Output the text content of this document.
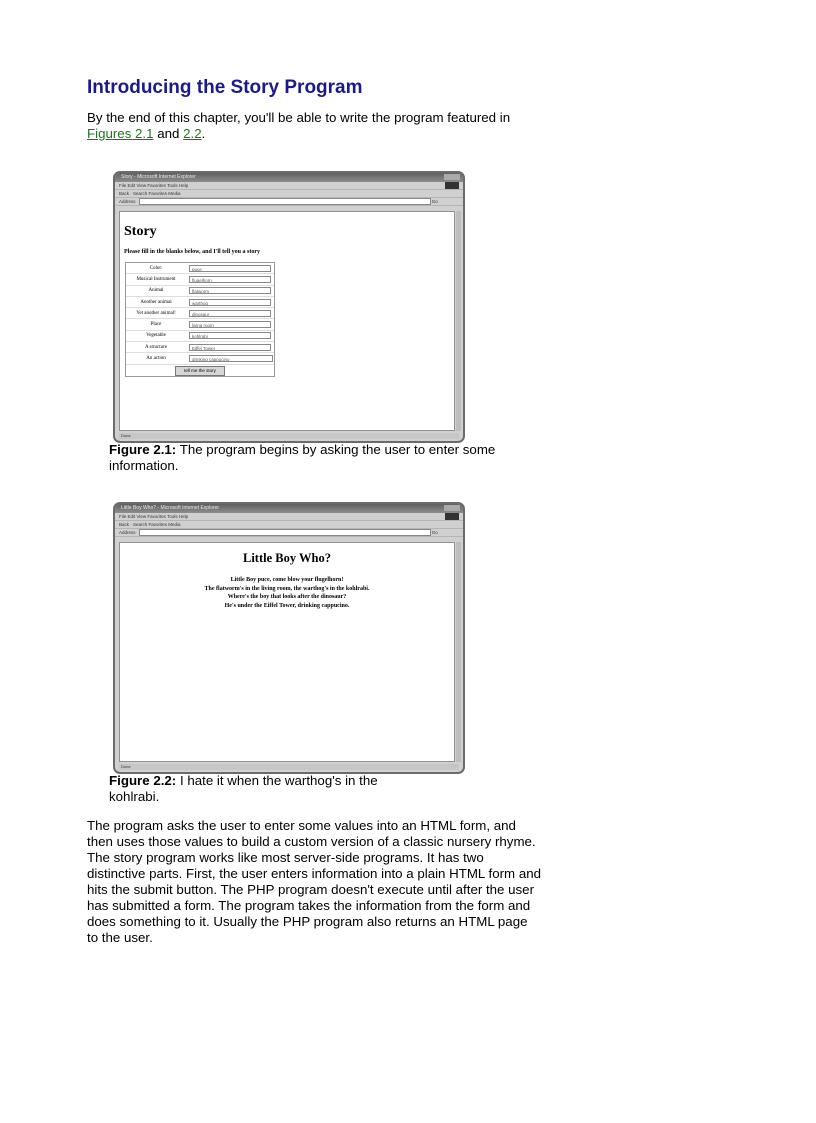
Introducing the Story Program

By the end of this chapter, you'll be able to write the program featured in Figures 2.1 and 2.2.

Story - Microsoft Internet Explorer
File Edit View Favorites Tools Help
Back · Search Favorites Media
Address	Go
Story
Please fill in the blanks below, and I'll tell you a story
Color:	puce
Musical Instrument	flugelhorn
Animal	flatworm
Another animal	warthog
Yet another animal!	dinosaur
Place	living room
Vegetable	kohlrabi
A structure	Eiffel Tower
An action	drinking cappucino
tell me the story
Done

Figure 2.1: The program begins by asking the user to enter some information.

Little Boy Who? - Microsoft Internet Explorer
File Edit View Favorites Tools Help
Back · Search Favorites Media
Address	Go
Little Boy Who?
Little Boy puce, come blow your flugelhorn!
The flatworm's in the living room, the warthog's in the kohlrabi.
Where's the boy that looks after the dinosaur?
He's under the Eiffel Tower, drinking cappucino.
Done

Figure 2.2: I hate it when the warthog's in the kohlrabi.

The program asks the user to enter some values into an HTML form, and then uses those values to build a custom version of a classic nursery rhyme. The story program works like most server-side programs. It has two distinctive parts. First, the user enters information into a plain HTML form and hits the submit button. The PHP program doesn't execute until after the user has submitted a form. The program takes the information from the form and does something to it. Usually the PHP program also returns an HTML page to the user.
